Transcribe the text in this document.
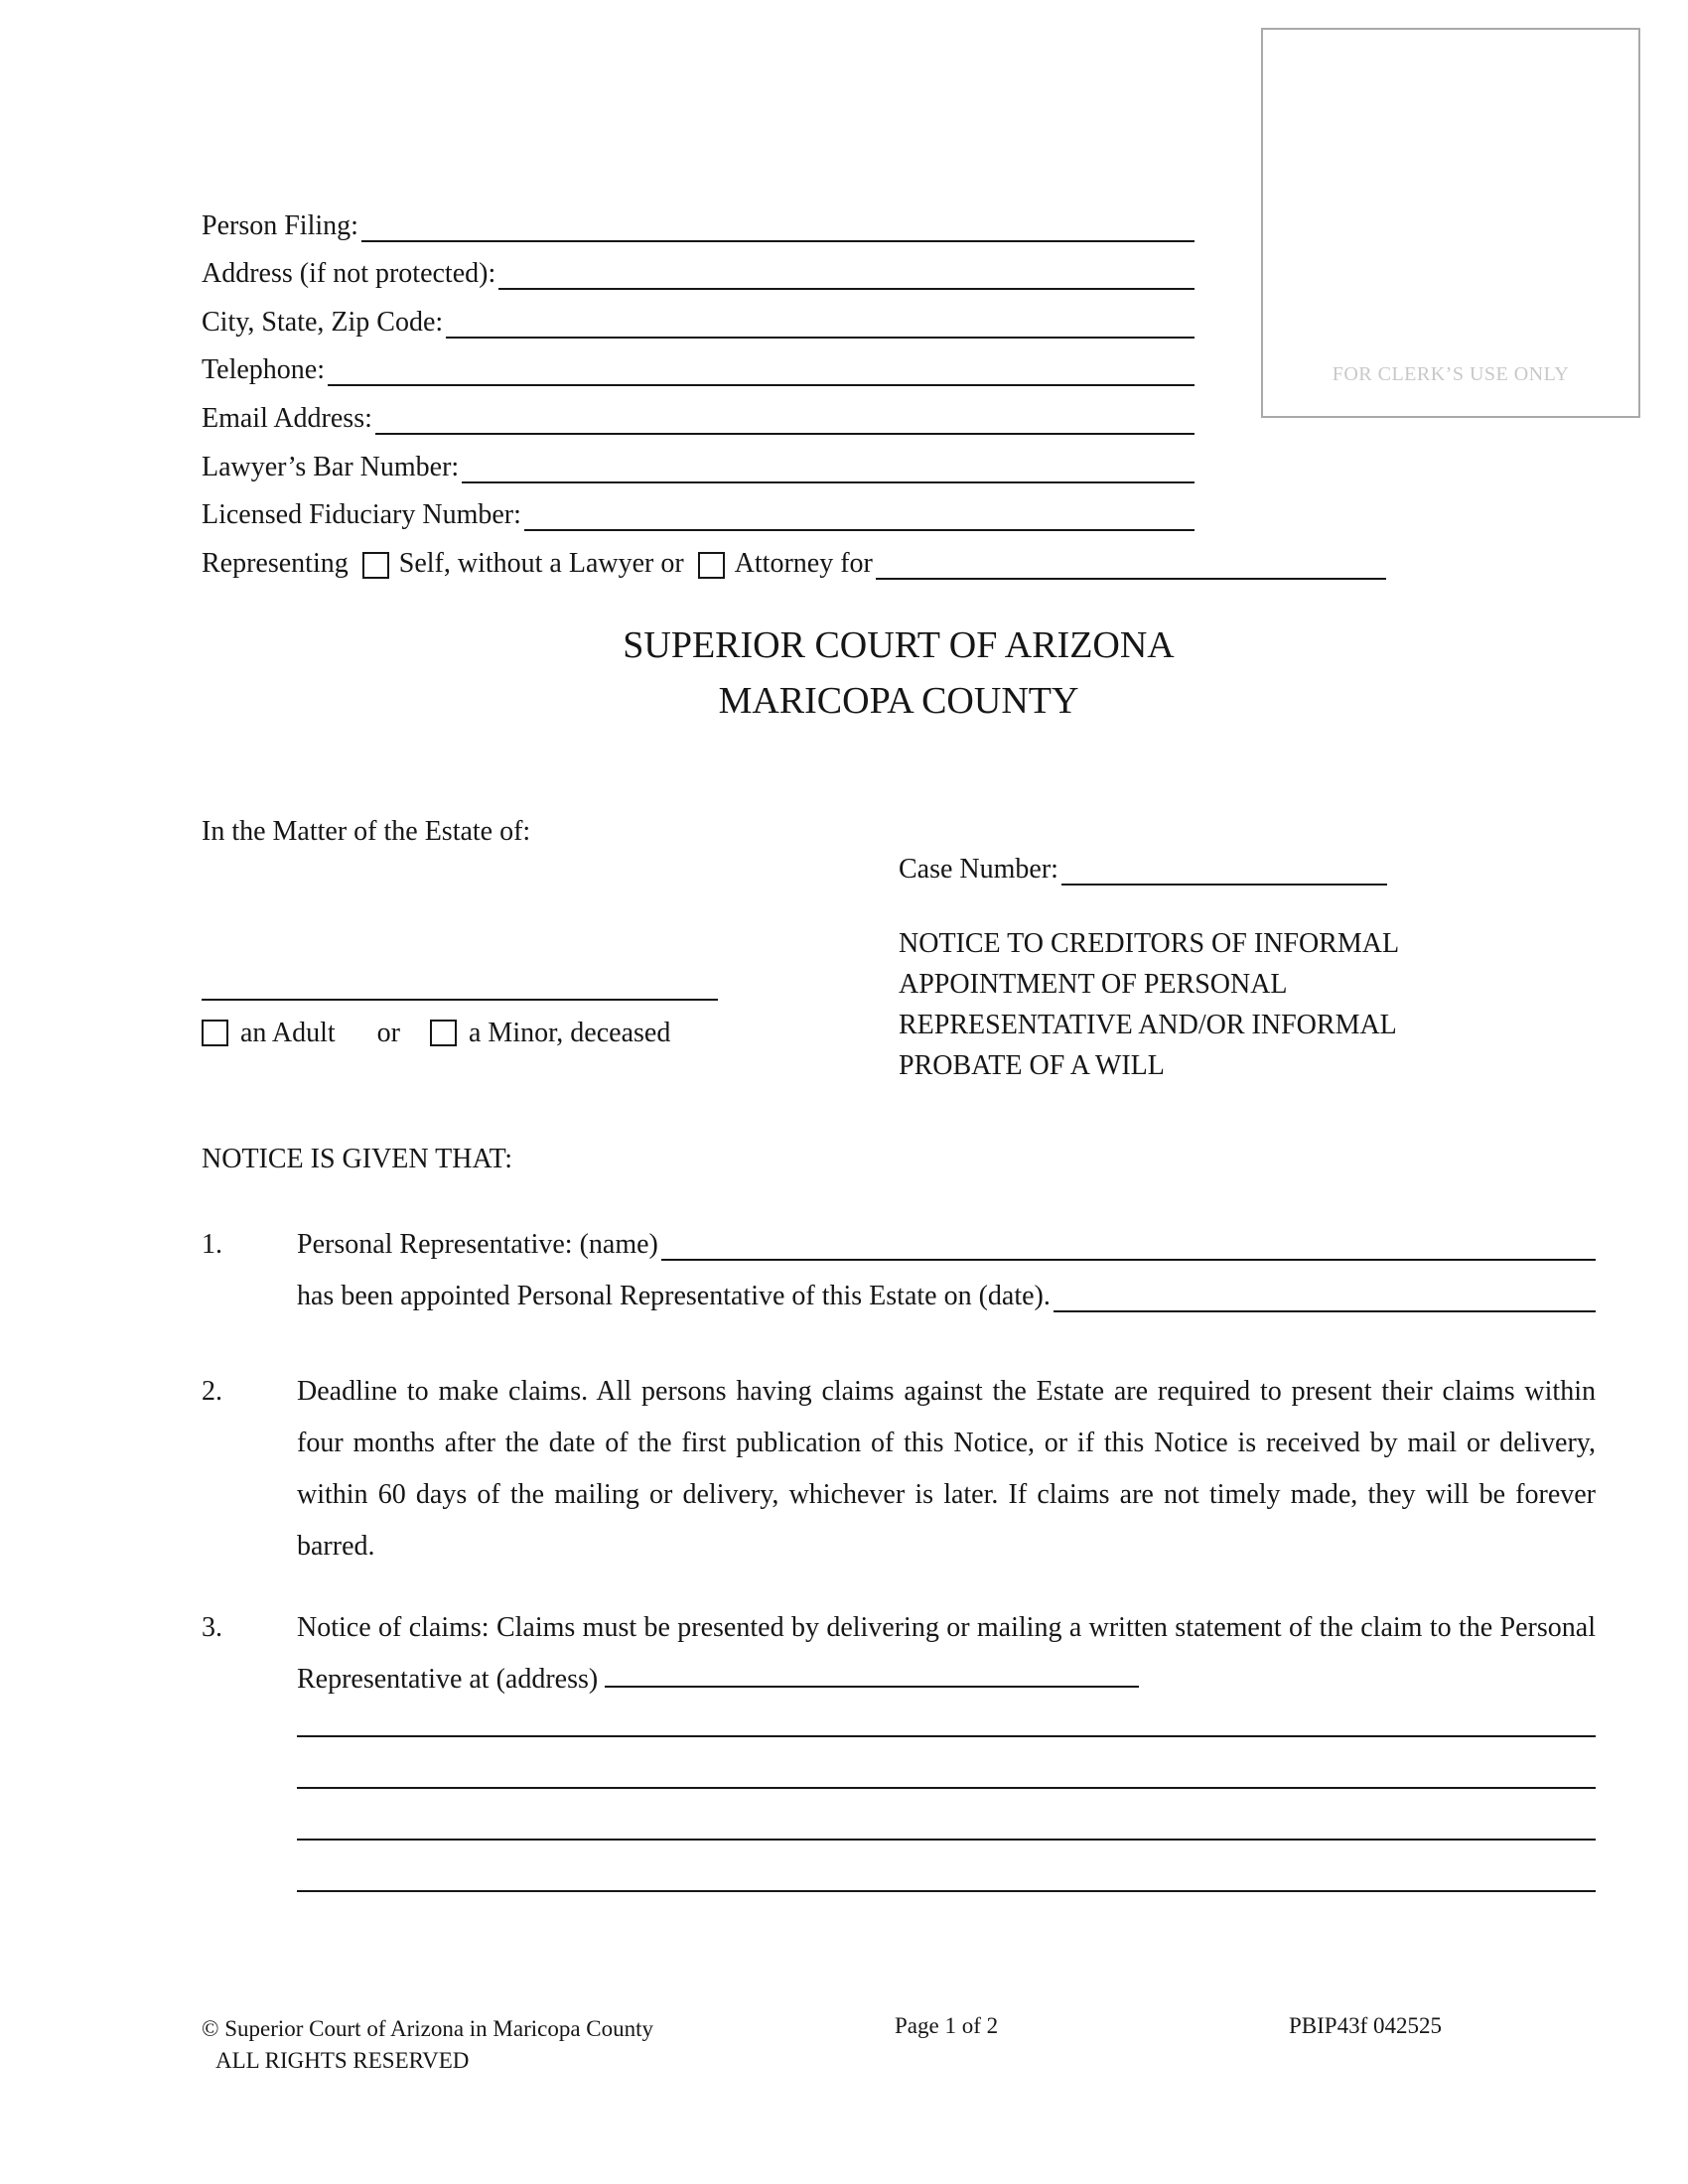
FOR CLERK’S USE ONLY
Person Filing:
Address (if not protected):
City, State, Zip Code:
Telephone:
Email Address:
Lawyer’s Bar Number:
Licensed Fiduciary Number:
Representing Self, without a Lawyer or Attorney for
SUPERIOR COURT OF ARIZONA
MARICOPA COUNTY
In the Matter of the Estate of:
Case Number:
NOTICE TO CREDITORS OF INFORMAL
APPOINTMENT OF PERSONAL
REPRESENTATIVE AND/OR INFORMAL
PROBATE OF A WILL
an Adult or a Minor, deceased
NOTICE IS GIVEN THAT:
1.	Personal Representative: (name)
has been appointed Personal Representative of this Estate on (date).
2.	Deadline to make claims. All persons having claims against the Estate are required to present their claims within four months after the date of the first publication of this Notice, or if this Notice is received by mail or delivery, within 60 days of the mailing or delivery, whichever is later. If claims are not timely made, they will be forever barred.
3.	Notice of claims: Claims must be presented by delivering or mailing a written statement of the claim to the Personal Representative at (address)
© Superior Court of Arizona in Maricopa County
ALL RIGHTS RESERVED
Page 1 of 2	PBIP43f 042525
